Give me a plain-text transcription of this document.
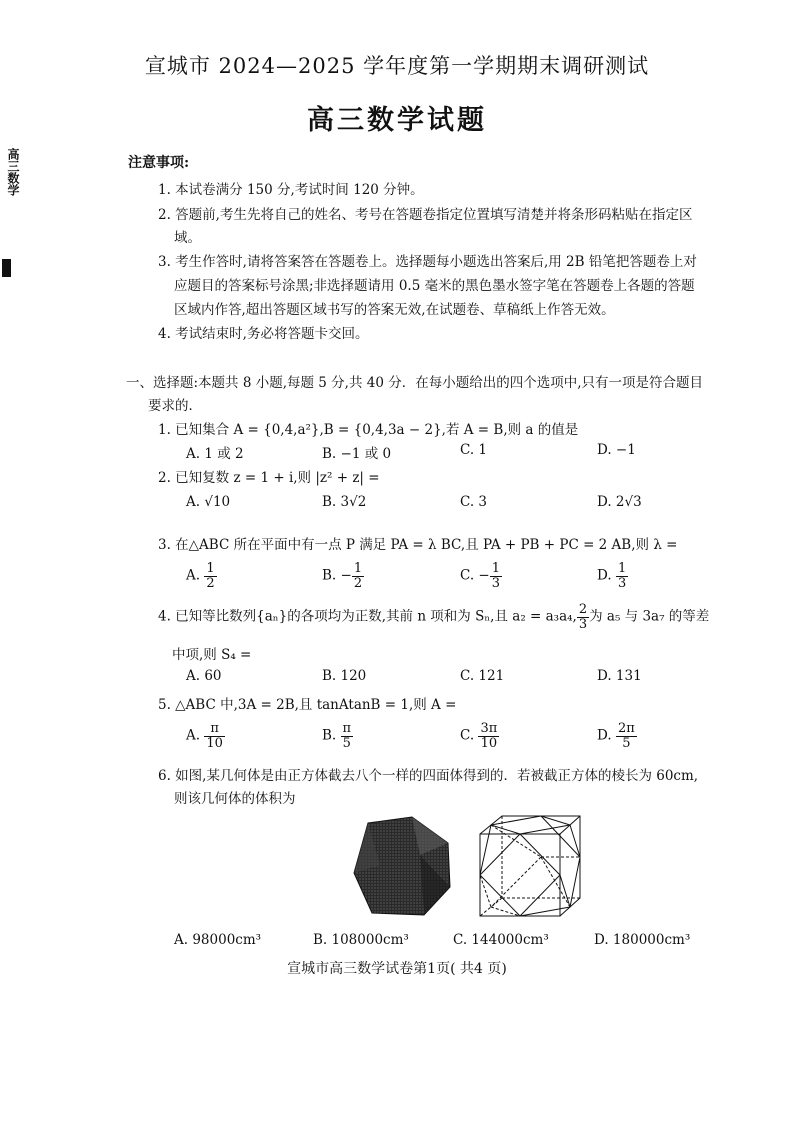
宣城市 2024—2025 学年度第一学期期末调研测试
高三数学试题
高三数学	注意事项:
1. 本试卷满分 150 分,考试时间 120 分钟。
2. 答题前,考生先将自己的姓名、考号在答题卷指定位置填写清楚并将条形码粘贴在指定区
域。
3. 考生作答时,请将答案答在答题卷上。选择题每小题选出答案后,用 2B 铅笔把答题卷上对
应题目的答案标号涂黑;非选择题请用 0.5 毫米的黑色墨水签字笔在答题卷上各题的答题
区域内作答,超出答题区域书写的答案无效,在试题卷、草稿纸上作答无效。
4. 考试结束时,务必将答题卡交回。
一、选择题:本题共 8 小题,每题 5 分,共 40 分．在每小题给出的四个选项中,只有一项是符合题目
要求的．
1. 已知集合 A = {0,4,a²},B = {0,4,3a − 2},若 A = B,则 a 的值是
A. 1 或 2	B. −1 或 0	C. 1	D. −1
2. 已知复数 z = 1 + i,则 |z² + z| =
A. √10	B. 3√2	C. 3	D. 2√3
3. 在△ABC 所在平面中有一点 P 满足 PA = λ BC,且 PA + PB + PC = 2 AB,则 λ =
A. $\frac{1}{2}$	B. − $\frac{1}{2}$	C. − $\frac{1}{3}$	D. $\frac{1}{3}$
4. 已知等比数列{aₙ}的各项均为正数,其前 n 项和为 Sₙ,且 a₂ = a₃a₄, $\frac{2}{3}$ 为 a₅ 与 3a₇ 的等差
中项,则 S₄ =
A. 60	B. 120	C. 121	D. 131
5. △ABC 中,3A = 2B,且 tanAtanB = 1,则 A =
A. $\frac{\pi}{10}$	B. $\frac{\pi}{5}$	C. $\frac{3\pi}{10}$	D. $\frac{2\pi}{5}$
6. 如图,某几何体是由正方体截去八个一样的四面体得到的．若被截正方体的棱长为 60cm,
则该几何体的体积为
A. 98000cm³	B. 108000cm³	C. 144000cm³	D. 180000cm³
宣城市高三数学试卷第1页( 共4 页)
